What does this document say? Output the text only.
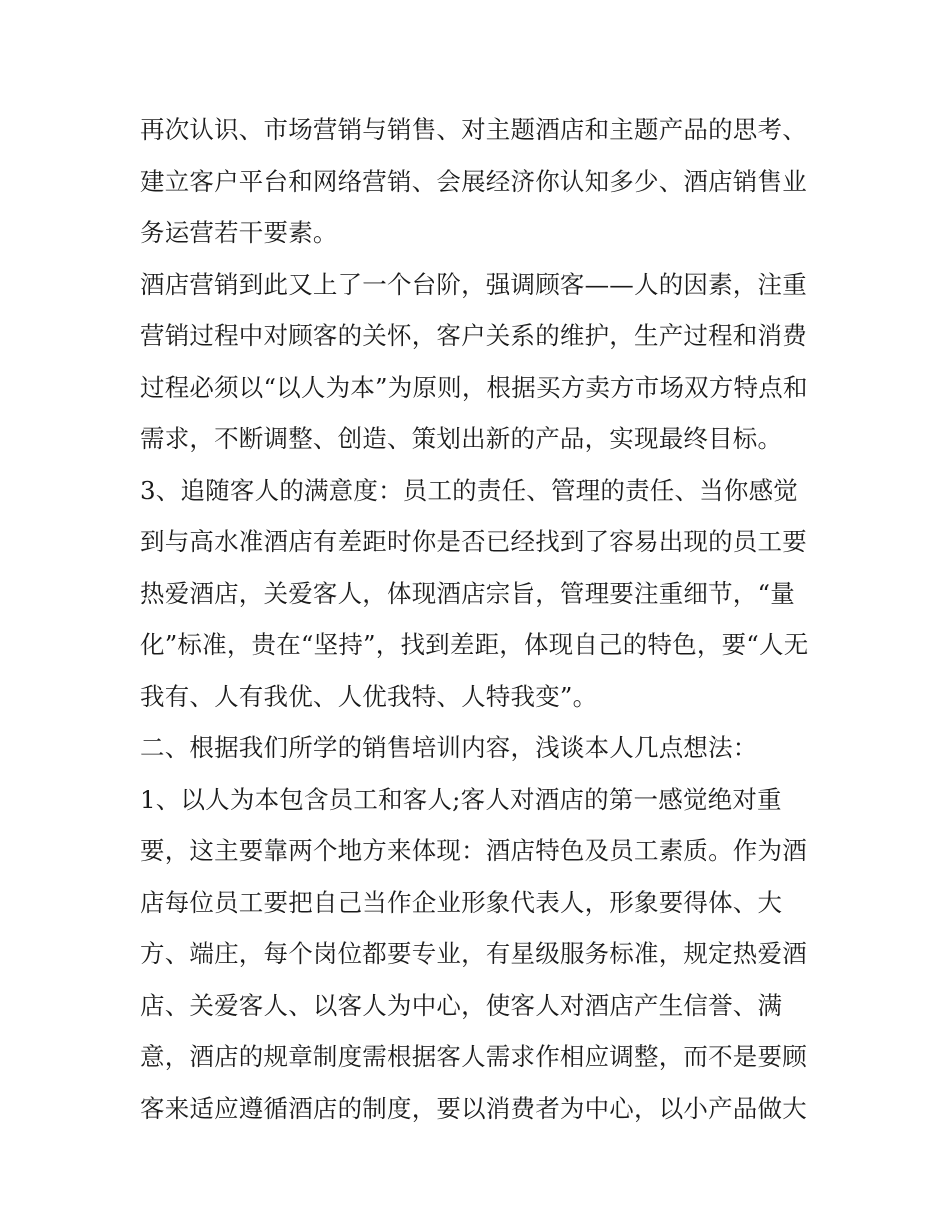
再次认识、市场营销与销售、对主题酒店和主题产品的思考、
建立客户平台和网络营销、会展经济你认知多少、酒店销售业
务运营若干要素。
酒店营销到此又上了一个台阶，强调顾客——人的因素，注重
营销过程中对顾客的关怀，客户关系的维护，生产过程和消费
过程必须以“以人为本”为原则，根据买方卖方市场双方特点和
需求，不断调整、创造、策划出新的产品，实现最终目标。
3、追随客人的满意度：员工的责任、管理的责任、当你感觉
到与高水准酒店有差距时你是否已经找到了容易出现的员工要
热爱酒店，关爱客人，体现酒店宗旨，管理要注重细节，“量
化”标准，贵在“坚持”，找到差距，体现自己的特色，要“人无
我有、人有我优、人优我特、人特我变”。
二、根据我们所学的销售培训内容，浅谈本人几点想法：
1、以人为本包含员工和客人;客人对酒店的第一感觉绝对重
要，这主要靠两个地方来体现：酒店特色及员工素质。作为酒
店每位员工要把自己当作企业形象代表人，形象要得体、大
方、端庄，每个岗位都要专业，有星级服务标准，规定热爱酒
店、关爱客人、以客人为中心，使客人对酒店产生信誉、满
意，酒店的规章制度需根据客人需求作相应调整，而不是要顾
客来适应遵循酒店的制度，要以消费者为中心，以小产品做大
